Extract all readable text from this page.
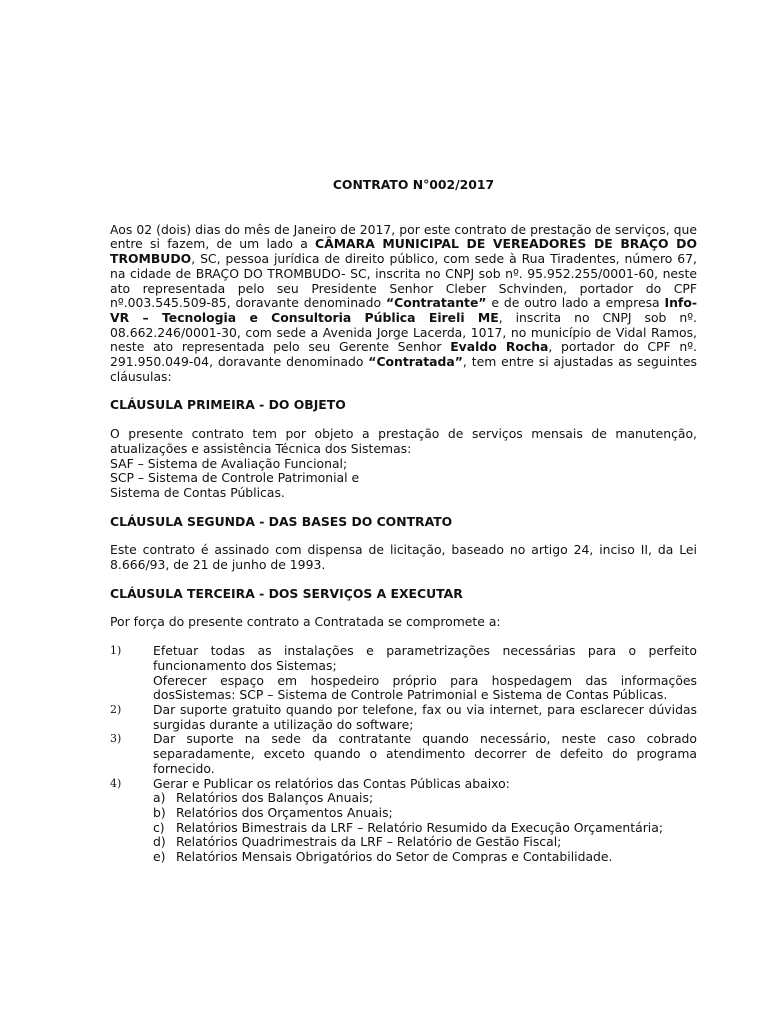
CONTRATO N°002/2017

Aos 02 (dois) dias do mês de Janeiro de 2017, por este contrato de prestação de serviços, que entre si fazem, de um lado a CÂMARA MUNICIPAL DE VEREADORES DE BRAÇO DO TROMBUDO, SC, pessoa jurídica de direito público, com sede à Rua Tiradentes, número 67, na cidade de BRAÇO DO TROMBUDO- SC, inscrita no CNPJ sob nº. 95.952.255/0001-60, neste ato representada pelo seu Presidente Senhor Cleber Schvinden, portador do CPF nº.003.545.509-85, doravante denominado “Contratante” e de outro lado a empresa Info-VR – Tecnologia e Consultoria Pública Eireli ME, inscrita no CNPJ sob nº. 08.662.246/0001-30, com sede a Avenida Jorge Lacerda, 1017, no município de Vidal Ramos, neste ato representada pelo seu Gerente Senhor Evaldo Rocha, portador do CPF nº. 291.950.049-04, doravante denominado “Contratada”, tem entre si ajustadas as seguintes cláusulas:

CLÁUSULA PRIMEIRA - DO OBJETO

O presente contrato tem por objeto a prestação de serviços mensais de manutenção, atualizações e assistência Técnica dos Sistemas:

SAF – Sistema de Avaliação Funcional;
SCP – Sistema de Controle Patrimonial e
Sistema de Contas Públicas.
CLÁUSULA SEGUNDA - DAS BASES DO CONTRATO

Este contrato é assinado com dispensa de licitação, baseado no artigo 24, inciso II, da Lei 8.666/93, de 21 de junho de 1993.

CLÁUSULA TERCEIRA - DOS SERVIÇOS A EXECUTAR

Por força do presente contrato a Contratada se compromete a:

1)	Efetuar todas as instalações e parametrizações necessárias para o perfeito funcionamento dos Sistemas;

Oferecer espaço em hospedeiro próprio para hospedagem das informações dosSistemas: SCP – Sistema de Controle Patrimonial e Sistema de Contas Públicas.

2)	Dar suporte gratuito quando por telefone, fax ou via internet, para esclarecer dúvidas surgidas durante a utilização do software;

3)	Dar suporte na sede da contratante quando necessário, neste caso cobrado separadamente, exceto quando o atendimento decorrer de defeito do programa fornecido.

4)	Gerar e Publicar os relatórios das Contas Públicas abaixo:

a) Relatórios dos Balanços Anuais;
b) Relatórios dos Orçamentos Anuais;
c) Relatórios Bimestrais da LRF – Relatório Resumido da Execução Orçamentária;
d) Relatórios Quadrimestrais da LRF – Relatório de Gestão Fiscal;
e) Relatórios Mensais Obrigatórios do Setor de Compras e Contabilidade.
